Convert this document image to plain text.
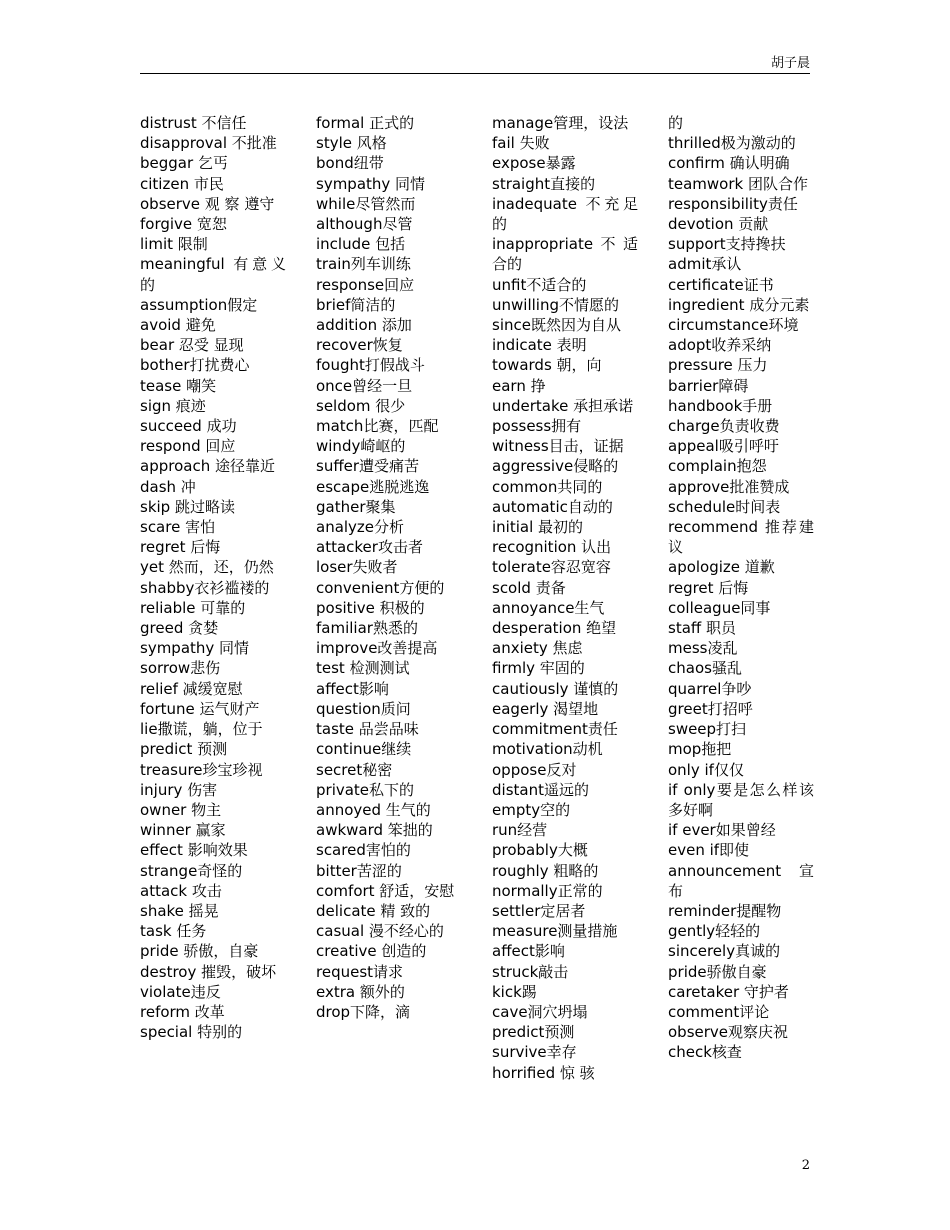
胡子晨
distrust 不信任
disapproval 不批准
beggar 乞丐
citizen 市民
observe 观 察 遵守
forgive 宽恕
limit 限制
meaningful 有意义的
assumption假定
avoid 避免
bear 忍受 显现
bother打扰费心
tease 嘲笑
sign 痕迹
succeed 成功
respond 回应
approach 途径靠近
dash 冲
skip 跳过略读
scare 害怕
regret 后悔
yet 然而，还，仍然
shabby衣衫褴褛的
reliable 可靠的
greed 贪婪
sympathy 同情
sorrow悲伤
relief 减缓宽慰
fortune 运气财产
lie撒谎，躺，位于
predict 预测
treasure珍宝珍视
injury 伤害
owner 物主
winner 赢家
effect 影响效果
strange奇怪的
attack 攻击
shake 摇晃
task 任务
pride 骄傲，自豪
destroy 摧毁，破坏
violate违反
reform 改革
special 特别的
formal 正式的
style 风格
bond纽带
sympathy 同情
while尽管然而
although尽管
include 包括
train列车训练
response回应
brief简洁的
addition 添加
recover恢复
fought打假战斗
once曾经一旦
seldom 很少
match比赛，匹配
windy崎岖的
suffer遭受痛苦
escape逃脱逃逸
gather聚集
analyze分析
attacker攻击者
loser失败者
convenient方便的
positive 积极的
familiar熟悉的
improve改善提高
test 检测测试
affect影响
question质问
taste 品尝品味
continue继续
secret秘密
private私下的
annoyed 生气的
awkward 笨拙的
scared害怕的
bitter苦涩的
comfort 舒适，安慰
delicate 精 致的
casual 漫不经心的
creative 创造的
request请求
extra 额外的
drop下降，滴
manage管理，设法
fail 失败
expose暴露
straight直接的
inadequate 不充足的
inappropriate不适合的
unfit不适合的
unwilling不情愿的
since既然因为自从
indicate 表明
towards 朝，向
earn 挣
undertake 承担承诺
possess拥有
witness目击，证据
aggressive侵略的
common共同的
automatic自动的
initial 最初的
recognition 认出
tolerate容忍宽容
scold 责备
annoyance生气
desperation 绝望
anxiety 焦虑
firmly 牢固的
cautiously 谨慎的
eagerly 渴望地
commitment责任
motivation动机
oppose反对
distant遥远的
empty空的
run经营
probably大概
roughly 粗略的
normally正常的
settler定居者
measure测量措施
affect影响
struck敲击
kick踢
cave洞穴坍塌
predict预测
survive幸存
horrified 惊 骇
的
thrilled极为激动的
confirm 确认明确
teamwork 团队合作
responsibility责任
devotion 贡献
support支持搀扶
admit承认
certificate证书
ingredient 成分元素
circumstance环境
adopt收养采纳
pressure 压力
barrier障碍
handbook手册
charge负责收费
appeal吸引呼吁
complain抱怨
approve批准赞成
schedule时间表
recommend 推荐建议
apologize 道歉
regret 后悔
colleague同事
staff 职员
mess凌乱
chaos骚乱
quarrel争吵
greet打招呼
sweep打扫
mop拖把
only if仅仅
if only要是怎么样该多好啊
if ever如果曾经
even if即使
announcement 宣布
reminder提醒物
gently轻轻的
sincerely真诚的
pride骄傲自豪
caretaker 守护者
comment评论
observe观察庆祝
check核查
2
